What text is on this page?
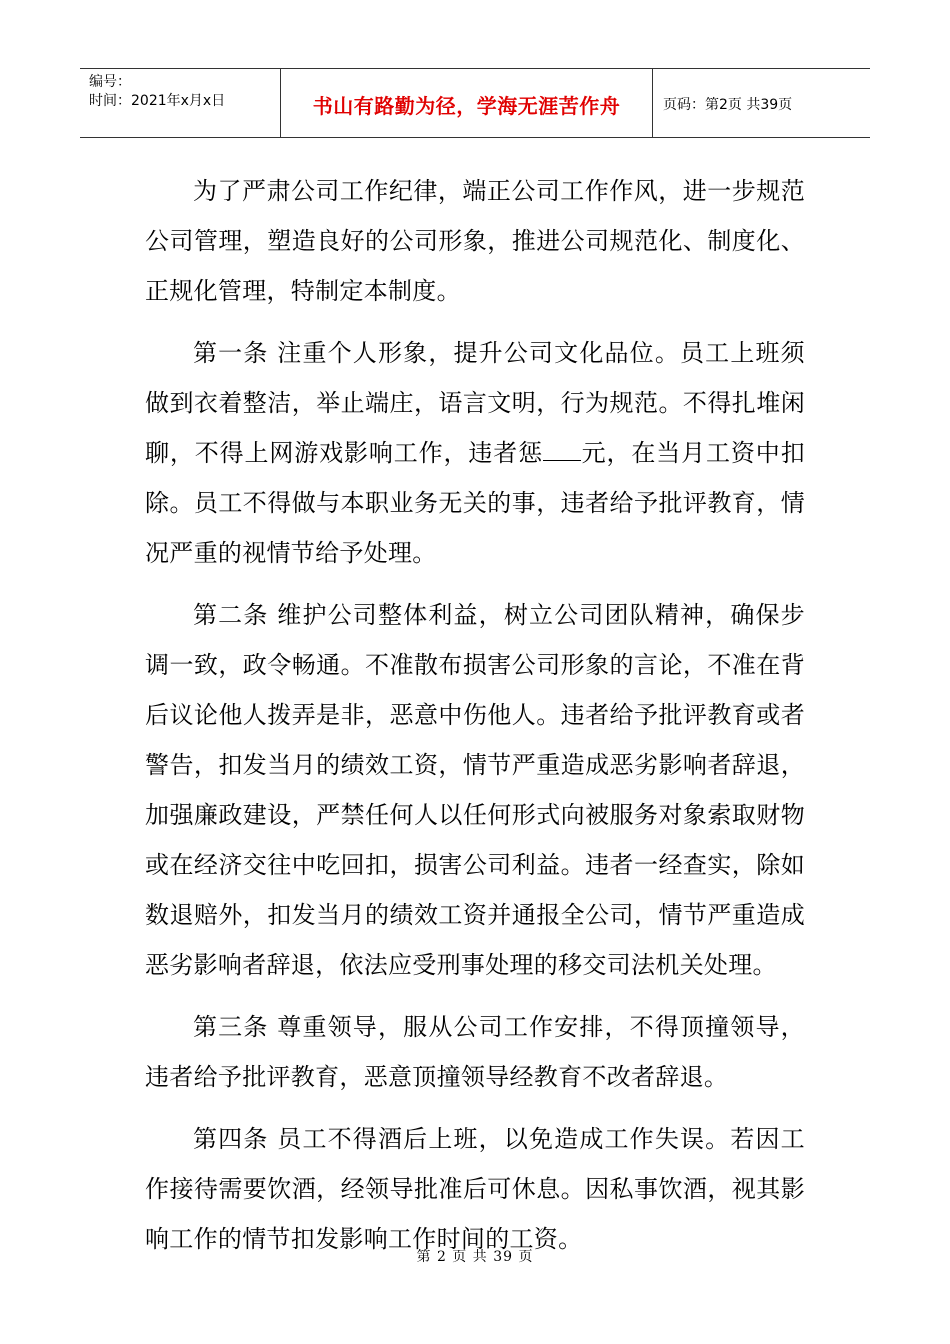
编号：
时间：2021年x月x日	书山有路勤为径，学海无涯苦作舟	页码：第2页 共39页

为了严肃公司工作纪律，端正公司工作作风，进一步规范公司管理，塑造良好的公司形象，推进公司规范化、制度化、正规化管理，特制定本制度。

第一条 注重个人形象，提升公司文化品位。员工上班须做到衣着整洁，举止端庄，语言文明，行为规范。不得扎堆闲聊，不得上网游戏影响工作，违者惩 元，在当月工资中扣除。员工不得做与本职业务无关的事，违者给予批评教育，情况严重的视情节给予处理。

第二条 维护公司整体利益，树立公司团队精神，确保步调一致，政令畅通。不准散布损害公司形象的言论，不准在背后议论他人拨弄是非，恶意中伤他人。违者给予批评教育或者警告，扣发当月的绩效工资，情节严重造成恶劣影响者辞退，加强廉政建设，严禁任何人以任何形式向被服务对象索取财物或在经济交往中吃回扣，损害公司利益。违者一经查实，除如数退赔外，扣发当月的绩效工资并通报全公司，情节严重造成恶劣影响者辞退，依法应受刑事处理的移交司法机关处理。

第三条 尊重领导，服从公司工作安排，不得顶撞领导，违者给予批评教育，恶意顶撞领导经教育不改者辞退。

第四条 员工不得酒后上班，以免造成工作失误。若因工作接待需要饮酒，经领导批准后可休息。因私事饮酒，视其影响工作的情节扣发影响工作时间的工资。

第 2 页 共 39 页
